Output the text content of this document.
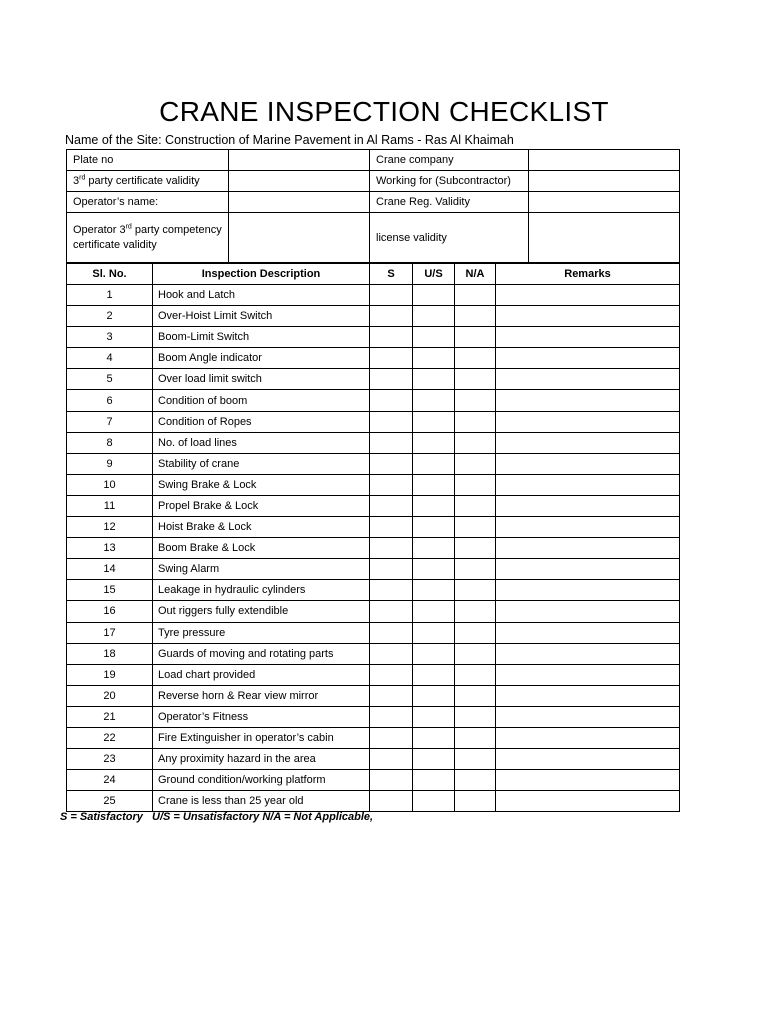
CRANE INSPECTION CHECKLIST
Name of the Site: Construction of Marine Pavement in Al Rams - Ras Al Khaimah
Plate no		Crane company	
3rd party certificate validity		Working for (Subcontractor)	
Operator’s name:		Crane Reg. Validity	
Operator 3rd party competency certificate validity		license validity	
Sl. No.	Inspection Description	S	U/S	N/A	Remarks
1	Hook and Latch				
2	Over-Hoist Limit Switch				
3	Boom-Limit Switch				
4	Boom Angle indicator				
5	Over load limit switch				
6	Condition of boom				
7	Condition of Ropes				
8	No. of load lines				
9	Stability of crane				
10	Swing Brake & Lock				
11	Propel Brake & Lock				
12	Hoist Brake & Lock				
13	Boom Brake & Lock				
14	Swing Alarm				
15	Leakage in hydraulic cylinders				
16	Out riggers fully extendible				
17	Tyre pressure				
18	Guards of moving and rotating parts				
19	Load chart provided				
20	Reverse horn & Rear view mirror				
21	Operator’s Fitness				
22	Fire Extinguisher in operator’s cabin				
23	Any proximity hazard in the area				
24	Ground condition/working platform				
25	Crane is less than 25 year old				
S = Satisfactory   U/S = Unsatisfactory N/A = Not Applicable,
